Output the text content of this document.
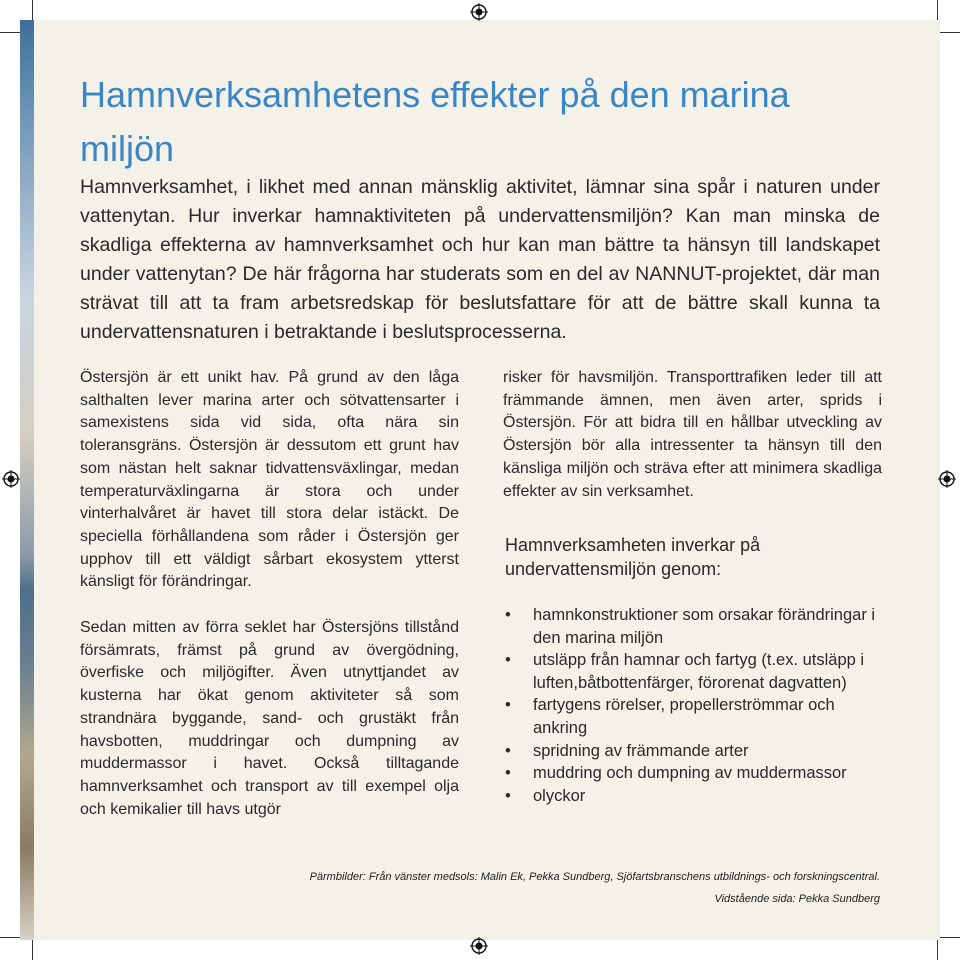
Hamnverksamhetens effekter på den marina miljön

Hamnverksamhet, i likhet med annan mänsklig aktivitet, lämnar sina spår i naturen under vattenytan. Hur inverkar hamnaktiviteten på undervattensmiljön? Kan man minska de skadliga effekterna av hamnverksamhet och hur kan man bättre ta hänsyn till landskapet under vattenytan? De här frågorna har studerats som en del av NANNUT-projektet, där man strävat till att ta fram arbetsredskap för beslutsfattare för att de bättre skall kunna ta undervattensnaturen i betraktande i beslutsprocesserna.

Östersjön är ett unikt hav. På grund av den låga salthalten lever marina arter och sötvattensarter i samexistens sida vid sida, ofta nära sin toleransgräns. Östersjön är dessutom ett grunt hav som nästan helt saknar tidvattensväxlingar, medan temperaturväxlingarna är stora och under vinterhalvåret är havet till stora delar istäckt. De speciella förhållandena som råder i Östersjön ger upphov till ett väldigt sårbart ekosystem ytterst känsligt för förändringar.

Sedan mitten av förra seklet har Östersjöns tillstånd försämrats, främst på grund av övergödning, överfiske och miljögifter. Även utnyttjandet av kusterna har ökat genom aktiviteter så som strandnära byggande, sand- och grustäkt från havsbotten, muddringar och dumpning av muddermassor i havet. Också tilltagande hamnverksamhet och transport av till exempel olja och kemikalier till havs utgör

risker för havsmiljön. Transporttrafiken leder till att främmande ämnen, men även arter, sprids i Östersjön. För att bidra till en hållbar utveckling av Östersjön bör alla intressenter ta hänsyn till den känsliga miljön och sträva efter att minimera skadliga effekter av sin verksamhet.

Hamnverksamheten inverkar på undervattensmiljön genom:
• hamnkonstruktioner som orsakar förändringar i den marina miljön
• utsläpp från hamnar och fartyg (t.ex. utsläpp i luften,båtbottenfärger, förorenat dagvatten)
• fartygens rörelser, propellerströmmar och ankring
• spridning av främmande arter
• muddring och dumpning av muddermassor
• olyckor

Pärmbilder: Från vänster medsols: Malin Ek, Pekka Sundberg, Sjöfartsbranschens utbildnings- och forskningscentral.

Vidstående sida: Pekka Sundberg
